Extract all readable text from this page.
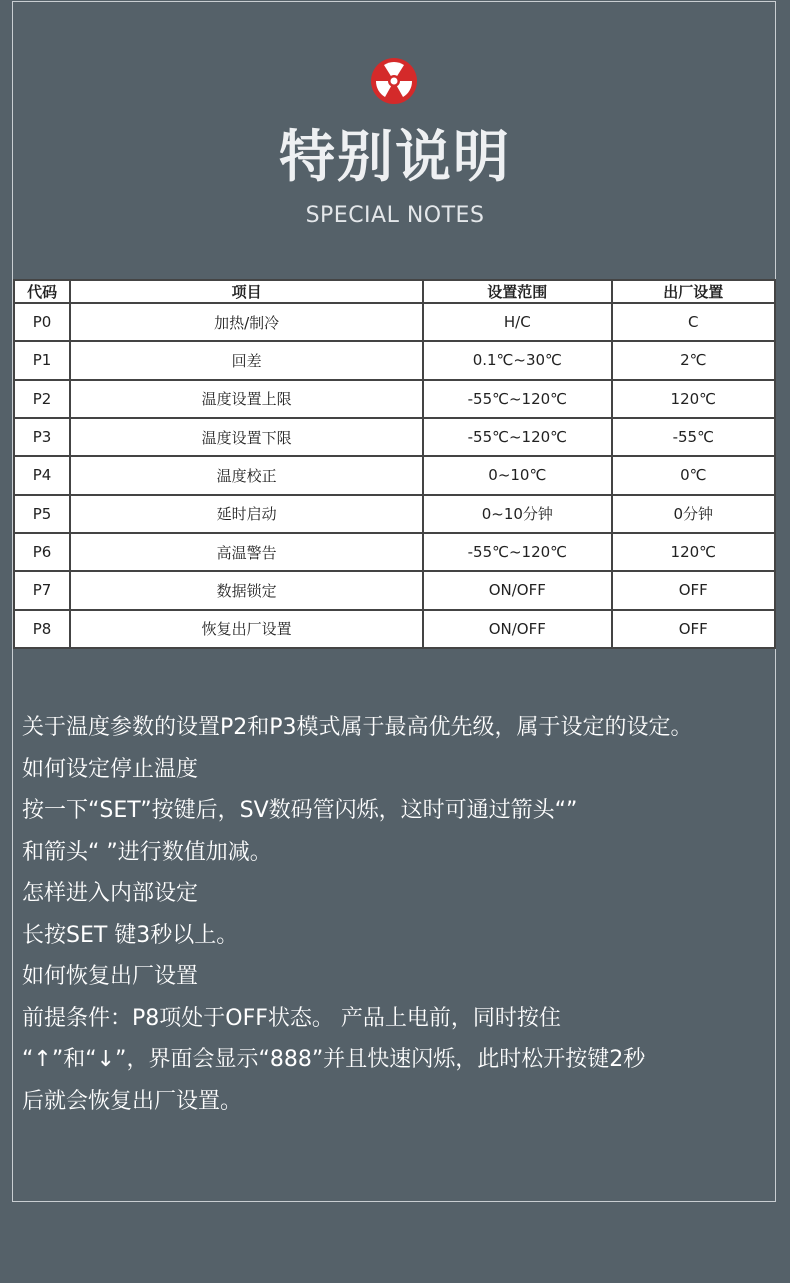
特别说明
SPECIAL NOTES
代码	项目	设置范围	出厂设置
P0	加热/制冷	H/C	C
P1	回差	0.1℃~30℃	2℃
P2	温度设置上限	-55℃~120℃	120℃
P3	温度设置下限	-55℃~120℃	-55℃
P4	温度校正	0~10℃	0℃
P5	延时启动	0~10分钟	0分钟
P6	高温警告	-55℃~120℃	120℃
P7	数据锁定	ON/OFF	OFF
P8	恢复出厂设置	ON/OFF	OFF
关于温度参数的设置P2和P3模式属于最高优先级，属于设定的设定。
如何设定停止温度
按一下“SET”按键后，SV数码管闪烁，这时可通过箭头“”
和箭头“ ”进行数值加减。
怎样进入内部设定
长按SET 键3秒以上。
如何恢复出厂设置
前提条件：P8项处于OFF状态。 产品上电前，同时按住
“↑”和“↓”，界面会显示“888”并且快速闪烁，此时松开按键2秒
后就会恢复出厂设置。
